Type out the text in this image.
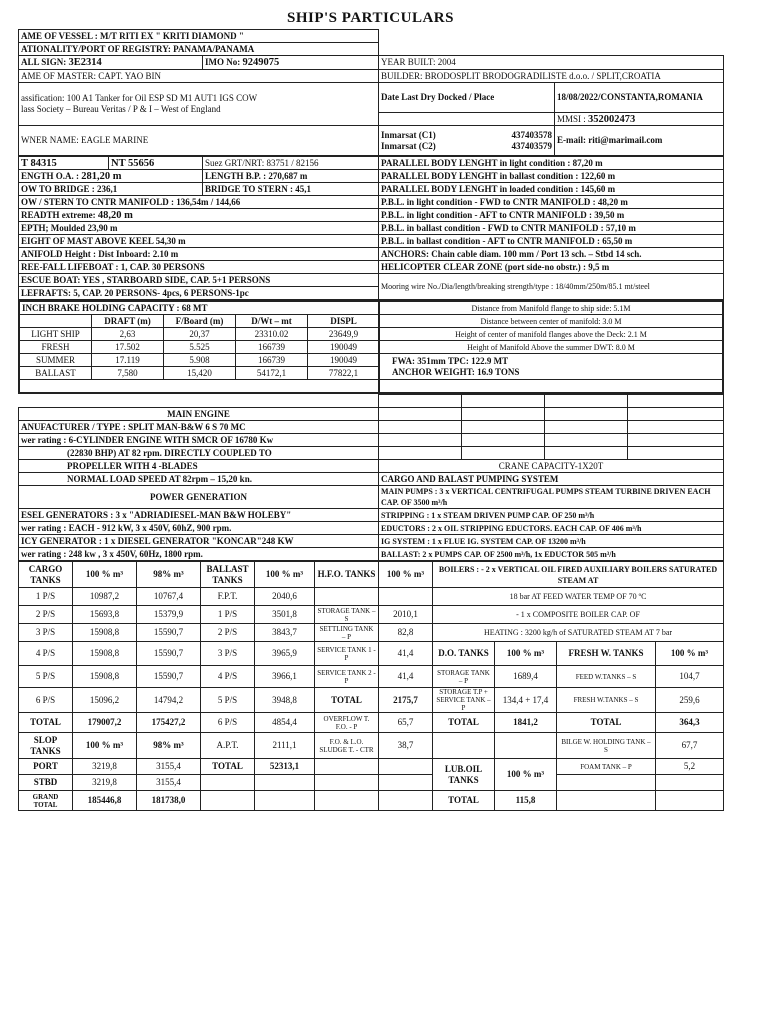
SHIP'S PARTICULARS
AME OF VESSEL : M/T RITI EX " KRITI DIAMOND "			
ATIONALITY/PORT OF REGISTRY: PANAMA/PANAMA			
ALL SIGN: 3E2314	IMO No: 9249075	YEAR BUILT: 2004	
AME OF MASTER: CAPT. YAO BIN		BUILDER: BRODOSPLIT BRODOGRADILISTE d.o.o. / SPLIT,CROATIA	

assification: 100 A1 Tanker for Oil ESP SD M1 AUT1 IGS COW
lass Society – Bureau Veritas / P & I – West of England		Date Last Dry Docked / Place	18/08/2022/CONSTANTA,ROMANIA
			MMSI : 352002473
WNER NAME: EAGLE MARINE		Inmarsat (C1) 437403578
Inmarsat (C2) 437403579	E-mail: riti@marimail.com
T 84315	NT 55656	Suez GRT/NRT: 83751 / 82156	PARALLEL BODY LENGHT in light condition : 87,20 m
ENGTH O.A. : 281,20 m		LENGTH B.P. : 270,687 m	PARALLEL BODY LENGHT in ballast condition : 122,60 m
OW TO BRIDGE : 236,1		BRIDGE TO STERN : 45,1	PARALLEL BODY LENGHT in loaded condition : 145,60 m
OW / STERN TO CNTR MANIFOLD : 136,54m / 144,66			P.B.L. in light condition - FWD to CNTR MANIFOLD : 48,20 m
READTH extreme: 48,20 m			P.B.L. in light condition - AFT to CNTR MANIFOLD : 39,50 m
EPTH; Moulded 23,90 m			P.B.L. in ballast condition - FWD to CNTR MANIFOLD : 57,10 m
EIGHT OF MAST ABOVE KEEL 54,30 m			P.B.L. in ballast condition - AFT to CNTR MANIFOLD : 65,50 m
ANIFOLD Height : Dist Inboard: 2.10 m			ANCHORS: Chain cable diam. 100 mm / Port 13 sch. – Stbd 14 sch.
REE-FALL LIFEBOAT : 1, CAP. 30 PERSONS			HELICOPTER CLEAR ZONE (port side-no obstr.) : 9,5 m
ESCUE BOAT: YES , STARBOARD SIDE, CAP. 5+1 PERSONS			Mooring wire No./Dia/length/breaking strength/type : 18/40mm/250m/85.1 mt/steel
LEFRAFTS: 5, CAP. 20 PERSONS- 4pcs, 6 PERSONS-1pc			
INCH BRAKE HOLDING CAPACITY : 68 MT
	DRAFT (m)	F/Board (m)	D/Wt – mt	DISPL
LIGHT SHIP	2,63	20,37	23310.02	23649,9
FRESH	17.502	5.525	166739	190049
SUMMER	17.119	5.908	166739	190049
BALLAST	7,580	15,420	54172,1	77822,1

Distance from Manifold flange to ship side: 5.1M
Distance between center of manifold: 3.0 M
Height of center of manifold flanges above the Deck: 2.1 M
Height of Manifold Above the summer DWT: 8.0 M

FWA: 351mm TPC: 122.9 MT
ANCHOR WEIGHT: 16.9 TONS

MAIN ENGINE				
ANUFACTURER / TYPE : SPLIT MAN-B&W 6 S 70 MC				
wer rating : 6-CYLINDER ENGINE WITH SMCR OF 16780 Kw				
(22830 BHP) AT 82 rpm. DIRECTLY COUPLED TO				
PROPELLER WITH 4 -BLADES	CRANE CAPACITY-1X20T			
NORMAL LOAD SPEED AT 82rpm – 15,20 kn.	CARGO AND BALAST PUMPING SYSTEM			
POWER GENERATION	MAIN PUMPS : 3 x VERTICAL CENTRIFUGAL PUMPS STEAM TURBINE DRIVEN EACH CAP. OF 3500 m³/h			
ESEL GENERATORS : 3 x "ADRIADIESEL-MAN B&W HOLEBY"	STRIPPING : 1 x STEAM DRIVEN PUMP CAP. OF 250 m³/h			
wer rating : EACH - 912 kW, 3 x 450V, 60hZ, 900 rpm.	EDUCTORS : 2 x OIL STRIPPING EDUCTORS. EACH CAP. OF 406 m³/h			
ICY GENERATOR : 1 x DIESEL GENERATOR "KONCAR"248 KW	IG SYSTEM : 1 x FLUE IG. SYSTEM CAP. OF 13200 m³/h			
wer rating : 248 kw , 3 x 450V, 60Hz, 1800 rpm.	BALLAST: 2 x PUMPS CAP. OF 2500 m³/h, 1x EDUCTOR 505 m³/h			
CARGO TANKS	100 % m³	98% m³	BALLAST TANKS	100 % m³	H.F.O. TANKS	100 % m³	BOILERS : - 2 x VERTICAL OIL FIRED AUXILIARY BOILERS SATURATED STEAM AT			
1 P/S	10987,2	10767,4	F.P.T.	2040,6			18 bar AT FEED WATER TEMP OF 70 ºC			
2 P/S	15693,8	15379,9	1 P/S	3501,8	STORAGE TANK – S	2010,1	- 1 x COMPOSITE BOILER CAP. OF			
3 P/S	15908,8	15590,7	2 P/S	3843,7	SETTLING TANK – P	82,8	HEATING : 3200 kg/h of SATURATED STEAM AT 7 bar			
4 P/S	15908,8	15590,7	3 P/S	3965,9	SERVICE TANK 1 - P	41,4	D.O. TANKS	100 % m³	FRESH W. TANKS	100 % m³
5 P/S	15908,8	15590,7	4 P/S	3966,1	SERVICE TANK 2 - P	41,4	STORAGE TANK – P	1689,4	FEED W.TANKS – S	104,7
6 P/S	15096,2	14794,2	5 P/S	3948,8	TOTAL	2175,7	STORAGE T.P + SERVICE TANK – P	134,4 + 17,4	FRESH W.TANKS – S	259,6
TOTAL	179007,2	175427,2	6 P/S	4854,4	OVERFLOW T. F.O. - P	65,7	TOTAL	1841,2	TOTAL	364,3
SLOP TANKS	100 % m³	98% m³	A.P.T.	2111,1	F.O. & L.O. SLUDGE T. - CTR	38,7			BILGE W. HOLDING TANK – S	67,7
PORT	3219,8	3155,4	TOTAL	52313,1			LUB.OIL TANKS	100 % m³	FOAM TANK – P	5,2
STBD	3219,8	3155,4								
GRAND TOTAL	185446,8	181738,0					TOTAL	115,8		
